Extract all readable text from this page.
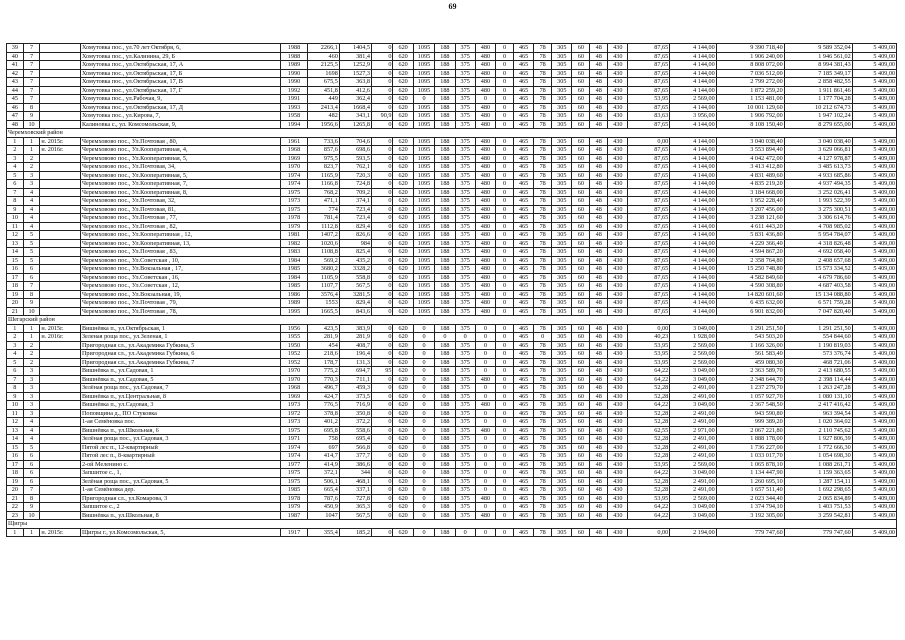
69
39	7		Хомутовка пос., ул.70 лет Октября, 6,	1988	2266,1	1404,5	0	620	1095	188	375	480	0	465	78	305	60	48	430	87,65	4 144,00	9 390 718,40	9 589 352,04	5 409,00
40	7		Хомутовка пос., ул.Калинина, 29, Б	1988	460	381,4	0	620	1095	188	375	480	0	465	78	305	60	48	430	87,65	4 144,00	1 906 240,00	1 946 561,02	5 409,00
41	7		Хомутовка пос., ул.Октябрьская, 17, А	1989	2125,5	1252,9	0	620	1095	188	375	480	0	465	78	305	60	48	430	87,65	4 144,00	8 808 072,00	8 994 381,43	5 409,00
42	7		Хомутовка пос., ул.Октябрьская, 17, Б	1990	1698	1527,3	0	620	1095	188	375	480	0	465	78	305	60	48	430	87,65	4 144,00	7 036 512,00	7 185 349,17	5 409,00
43	7		Хомутовка пос., ул.Октябрьская, 17, В	1990	675,5	363,8	0	620	1095	188	375	480	0	465	78	305	60	48	430	87,65	4 144,00	2 799 272,00	2 858 482,55	5 409,00
44	7		Хомутовка пос., ул.Октябрьская, 17, Г	1992	451,8	412,6	0	620	1095	188	375	480	0	465	78	305	60	48	430	87,65	4 144,00	1 872 259,20	1 911 861,46	5 409,00
45	7		Хомутовка пос., ул.Рабочая, 9,	1991	449	362,4	0	620	0	188	375	0	0	465	78	305	60	48	430	53,95	2 569,00	1 153 481,00	1 177 704,28	5 409,00
46	8		Хомутовка пос., ул.Октябрьская, 17, Д	1993	2413,4	1668,4	0	620	1095	188	375	480	0	465	78	305	60	48	430	87,65	4 144,00	10 001 129,60	10 212 674,73	5 409,00
47	9		Хомутовка пос., ул.Кирова, 7,	1958	482	343,1	90,9	620	1095	188	375	480	0	465	78	305	60	48	430	83,63	3 956,00	1 906 792,00	1 947 102,24	5 409,00
48	10		Калиновка с., ул. Комсомольская, 9,	1994	1956,6	1265,8	0	620	1095	188	375	480	0	465	78	305	60	48	430	87,65	4 144,00	8 108 150,40	8 279 655,00	5 409,00
Черемховский район																								
1	1	н. 2015г.	Черемховово пос., Ул.Почтовая , 80,	1961	733,6	704,6	0	620	1095	188	375	480	0	465	78	305	60	48	430	0,00	4 144,00	3 040 038,40	3 040 038,40	5 409,00
2	1	н. 2016г.	Черемховово пос., Ул.Кооперативная, 4,	1968	857,6	698,6	0	620	1095	188	375	480	0	465	78	305	60	48	430	87,65	4 144,00	3 553 894,40	3 629 066,81	5 409,00
3	2		Черемховово пос., Ул.Кооперативная, 5,	1969	975,5	593,5	0	620	1095	188	375	480	0	465	78	305	60	48	430	87,65	4 144,00	4 042 472,00	4 127 978,87	5 409,00
4	2		Черемховово пос., Ул.Почтовая, 34,	1970	823,7	762,1	0	620	1095	188	375	480	0	465	78	305	60	48	430	87,65	4 144,00	3 413 412,80	3 485 613,73	5 409,00
5	3		Черемховово пос., Ул.Кооперативная, 5,	1974	1165,9	720,3	0	620	1095	188	375	480	0	465	78	305	60	48	430	87,65	4 144,00	4 831 489,60	4 933 685,86	5 409,00
6	3		Черемховово пос., Ул.Кооперативная, 7,	1974	1166,8	724,8	0	620	1095	188	375	480	0	465	78	305	60	48	430	87,65	4 144,00	4 835 219,20	4 937 494,35	5 409,00
7	4		Черемховово пос., Ул.Кооперативная, 8,	1975	768,2	709,2	0	620	1095	188	375	480	0	465	78	305	60	48	430	87,65	4 144,00	3 184 668,00	3 252 026,41	5 409,00
8	4		Черемховово пос., Ул.Почтовая, 32,	1973	471,1	374,1	0	620	1095	188	375	480	0	465	78	305	60	48	430	87,65	4 144,00	1 952 228,40	1 993 522,39	5 409,00
9	4		Черемховово пос., Ул.Почтовая, 81,	1975	774	723,4	0	620	1095	188	375	480	0	465	78	305	60	48	430	87,65	4 144,00	3 207 456,00	3 275 300,51	5 409,00
10	4		Черемховово пос., Ул.Почтовая , 77,	1978	781,4	723,4	0	620	1095	188	375	480	0	465	78	305	60	48	430	87,65	4 144,00	3 238 121,60	3 306 614,76	5 409,00
11	4		Черемховово пос., Ул.Почтовая , 82,	1979	1112,8	829,4	0	620	1095	188	375	480	0	465	78	305	60	48	430	87,65	4 144,00	4 611 443,20	4 708 985,02	5 409,00
12	5		Черемховово пос., Ул.Кооперативная , 12,	1981	1407,2	826,6	0	620	1095	188	375	480	0	465	78	305	60	48	430	87,65	4 144,00	5 831 436,80	5 954 784,07	5 409,00
13	5		Черемховово пос., Ул.Кооперативная, 13,	1982	1020,6	984	0	620	1095	188	375	480	0	465	78	305	60	48	430	87,65	4 144,00	4 229 366,40	4 318 826,48	5 409,00
14	5		Черемховово пос., Ул.Почтовая , 83,	1983	1108,8	825,4	0	620	1095	188	375	480	0	465	78	305	60	48	430	87,65	4 144,00	4 594 867,20	4 692 058,40	5 409,00
15	5		Черемховово пос., Ул.Советская , 10,	1984	569,2	435,2	0	620	1095	188	375	480	0	465	78	305	60	48	430	87,65	4 144,00	2 358 764,80	2 408 657,68	5 409,00
16	6		Черемховово пос., Ул.Вокзальная , 17,	1985	3680,2	3328,2	0	620	1095	188	375	480	0	465	78	305	60	48	430	87,65	4 144,00	15 250 748,80	15 573 334,52	5 409,00
17	6		Черемховово пос., Ул.Советская , 16,	1984	1105,9	558,8	0	620	1095	188	375	480	0	465	78	305	60	48	430	87,65	4 144,00	4 582 849,60	4 679 786,60	5 409,00
18	7		Черемховово пос., Ул.Советская , 12,	1985	1107,7	567,5	0	620	1095	188	375	480	0	465	78	305	60	48	430	87,65	4 144,00	4 590 308,80	4 687 403,58	5 409,00
19	8		Черемховово пос., Ул.Вокзальная, 19,	1986	3576,4	3281,5	0	620	1095	188	375	480	0	465	78	305	60	48	430	87,65	4 144,00	14 820 601,60	15 134 088,80	5 409,00
20	9		Черемховово пос., Ул.Почтовая , 79,	1989	1553	829,4	0	620	1095	188	375	480	0	465	78	305	60	48	430	87,65	4 144,00	6 435 632,00	6 571 759,28	5 409,00
21	10		Черемховово пос., Ул.Почтовая , 78,	1995	1665,5	843,6	0	620	1095	188	375	480	0	465	78	305	60	48	430	87,65	4 144,00	6 901 832,00	7 047 820,40	5 409,00
Шегарский район																								
1	1	н. 2015г.	Вишнёвка п., ул.Октябрьская, 1	1956	423,5	383,9	0	620	0	188	375	0	0	465	78	305	60	48	430	0,00	3 049,00	1 291 251,50	1 291 251,50	5 409,00
2	1	н. 2016г.	Зеленая роща пос., ул.Зеленая, 1	1955	281,9	281,9	0	620	0	0	0	0	0	465	0	305	60	48	430	40,23	1 928,00	543 503,20	554 844,60	5 409,00
3	2		Пригородная сл., ул.Академика Губкина, 5	1950	454	408,7	0	620	0	188	375	0	0	465	78	305	60	48	430	53,95	2 569,00	1 166 326,00	1 190 819,03	5 409,00
4	2		Пригородная сл., ул.Академика Губкина, 6	1952	218,6	196,4	0	620	0	188	375	0	0	465	78	305	60	48	430	53,95	2 569,00	561 583,40	573 376,74	5 409,00
5	2		Пригородная сл., ул.Академика Губкина, 7	1952	178,7	131,3	0	620	0	188	375	0	0	465	78	305	60	48	430	53,95	2 569,00	459 080,30	468 721,06	5 409,00
6	3		Вишнёвка п., ул.Садовая, 1	1970	775,2	694,7	95	620	0	188	375	0	0	465	78	305	60	48	430	64,22	3 049,00	2 363 589,70	2 413 680,55	5 409,00
7	3		Вишнёвка п., ул.Садовая, 5	1970	770,3	711,1	0	620	0	188	375	480	0	465	78	305	60	48	430	64,22	3 049,00	2 348 644,70	2 398 114,44	5 409,00
8	3		Зелёная роща пос., ул.Садовая, 7	1968	496,7	459,3	0	620	0	188	375	0	0	465	78	305	60	48	430	52,28	2 491,00	1 237 279,70	1 263 247,28	5 409,00
9	3		Вишнёвка п., ул.Центральная, 8	1969	424,7	373,5	0	620	0	188	375	0	0	465	78	305	60	48	430	52,28	2 491,00	1 057 927,70	1 080 131,10	5 409,00
10	3		Вишнёвка п., ул.Садовая, 3	1973	776,5	716,9	0	620	0	188	375	480	0	465	78	305	60	48	430	64,22	3 049,00	2 367 548,50	2 417 416,42	5 409,00
11	3		Поповщина д., ПО Стуковка	1972	378,8	350,8	0	620	0	188	375	0	0	465	78	305	60	48	430	52,28	2 491,00	943 590,80	963 394,54	5 409,00
12	4		1-ая Семёновка пос.	1973	401,2	372,2	0	620	0	188	375	0	0	465	78	305	60	48	430	52,28	2 491,00	999 389,20	1 020 364,02	5 409,00
13	4		Вишнёвка п., ул.Школьная, 6	1975	695,8	558,6	0	620	0	188	375	480	0	465	78	305	60	48	430	62,55	2 971,00	2 067 221,80	2 110 745,62	5 409,00
14	4		Зелёная роща пос., ул.Садовая, 3	1971	758	695,4	0	620	0	188	375	0	0	465	78	305	60	48	430	52,28	2 491,00	1 888 178,00	1 927 806,39	5 409,00
15	5		Пятой лес п., 12-квартирный	1974	697	566,8	0	620	0	188	375	0	0	465	78	305	60	48	430	52,28	2 491,00	1 736 227,00	1 772 666,30	5 409,00
16	6		Пятой лес п., 8-квартирный	1974	414,7	377,7	0	620	0	188	375	0	0	465	78	305	60	48	430	52,28	2 491,00	1 033 017,70	1 054 698,30	5 409,00
17	6		2-ой Меленино с.	1977	414,9	386,6	0	620	0	188	375	0	0	465	78	305	60	48	430	53,95	2 569,00	1 065 878,10	1 088 261,71	5 409,00
18	6		Запшитое с., 1,	1975	372,1	344	0	620	0	188	375	0	0	465	78	305	60	48	430	64,22	3 049,00	1 134 447,90	1 159 363,65	5 409,00
19	6		Зелёная роща пос., ул.Садовая, 5	1975	506,1	468,1	0	620	0	188	375	0	0	465	78	305	60	48	430	52,28	2 491,00	1 260 695,10	1 287 154,11	5 409,00
20	7		1-ая Семёновка дер.	1985	665,4	337,1	0	620	0	188	375	0	0	465	78	305	60	48	430	52,28	2 491,00	1 657 511,40	1 692 298,65	5 409,00
21	8		Пригородная сл., ул.Комарова, 3	1978	787,6	727,8	0	620	0	188	375	480	0	465	78	305	60	48	430	53,95	2 569,00	2 023 344,40	2 065 834,89	5 409,00
22	9		Запшитое с., 2	1979	450,9	365,3	0	620	0	188	375	0	0	465	78	305	60	48	430	64,22	3 049,00	1 374 794,10	1 403 751,53	5 409,00
23	10		Вишнёвка п., ул.Школьная, 8	1987	1047	567,5	0	620	0	188	375	480	0	465	78	305	60	48	430	64,22	3 049,00	3 192 305,00	3 259 542,81	5 409,00
Щигры																								
1	1	н. 2015г.	Щигры г., ул.Комсомольская, 5,	1917	355,4	185,2	0	620	0	188	0	0	0	465	78	305	60	48	430	0,00	2 194,00	779 747,60	779 747,60	5 409,00
